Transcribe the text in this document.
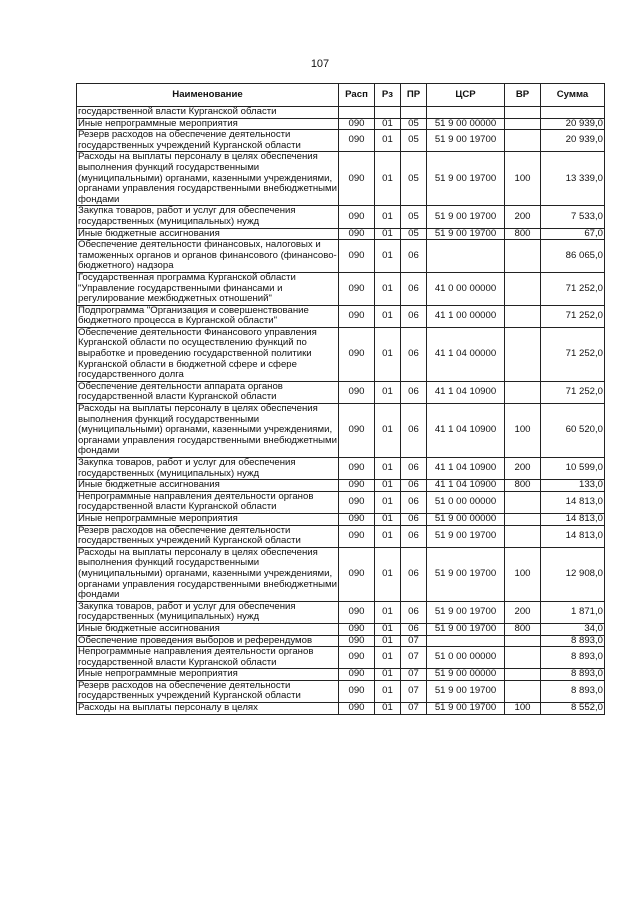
107
Наименование	Расп	Рз	ПР	ЦСР	ВР	Сумма
государственной власти Курганской области						
Иные непрограммные мероприятия	090	01	05	51 9 00 00000		20 939,0
Резерв расходов на обеспечение деятельности государственных учреждений Курганской области	090	01	05	51 9 00 19700		20 939,0
Расходы на выплаты персоналу в целях обеспечения выполнения функций государственными (муниципальными) органами, казенными учреждениями, органами управления государственными внебюджетными фондами	090	01	05	51 9 00 19700	100	13 339,0
Закупка товаров, работ и услуг для обеспечения государственных (муниципальных) нужд	090	01	05	51 9 00 19700	200	7 533,0
Иные бюджетные ассигнования	090	01	05	51 9 00 19700	800	67,0
Обеспечение деятельности финансовых, налоговых и таможенных органов и органов финансового (финансово-бюджетного) надзора	090	01	06			86 065,0
Государственная программа Курганской области "Управление государственными финансами и регулирование межбюджетных отношений"	090	01	06	41 0 00 00000		71 252,0
Подпрограмма "Организация и совершенствование бюджетного процесса в Курганской области"	090	01	06	41 1 00 00000		71 252,0
Обеспечение деятельности Финансового управления Курганской области по осуществлению функций по выработке и проведению государственной политики Курганской области в бюджетной сфере и сфере государственного долга	090	01	06	41 1 04 00000		71 252,0
Обеспечение деятельности аппарата органов государственной власти Курганской области	090	01	06	41 1 04 10900		71 252,0
Расходы на выплаты персоналу в целях обеспечения выполнения функций государственными (муниципальными) органами, казенными учреждениями, органами управления государственными внебюджетными фондами	090	01	06	41 1 04 10900	100	60 520,0
Закупка товаров, работ и услуг для обеспечения государственных (муниципальных) нужд	090	01	06	41 1 04 10900	200	10 599,0
Иные бюджетные ассигнования	090	01	06	41 1 04 10900	800	133,0
Непрограммные направления деятельности органов государственной власти Курганской области	090	01	06	51 0 00 00000		14 813,0
Иные непрограммные мероприятия	090	01	06	51 9 00 00000		14 813,0
Резерв расходов на обеспечение деятельности государственных учреждений Курганской области	090	01	06	51 9 00 19700		14 813,0
Расходы на выплаты персоналу в целях обеспечения выполнения функций государственными (муниципальными) органами, казенными учреждениями, органами управления государственными внебюджетными фондами	090	01	06	51 9 00 19700	100	12 908,0
Закупка товаров, работ и услуг для обеспечения государственных (муниципальных) нужд	090	01	06	51 9 00 19700	200	1 871,0
Иные бюджетные ассигнования	090	01	06	51 9 00 19700	800	34,0
Обеспечение проведения выборов и референдумов	090	01	07			8 893,0
Непрограммные направления деятельности органов государственной власти Курганской области	090	01	07	51 0 00 00000		8 893,0
Иные непрограммные мероприятия	090	01	07	51 9 00 00000		8 893,0
Резерв расходов на обеспечение деятельности государственных учреждений Курганской области	090	01	07	51 9 00 19700		8 893,0
Расходы на выплаты персоналу в целях	090	01	07	51 9 00 19700	100	8 552,0
